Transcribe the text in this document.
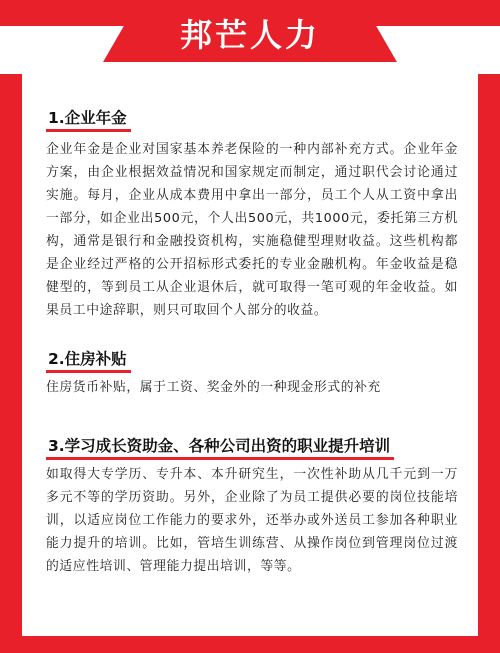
邦芒人力
1.企业年金
企业年金是企业对国家基本养老保险的一种内部补充方式。企业年金方案，由企业根据效益情况和国家规定而制定，通过职代会讨论通过实施。每月，企业从成本费用中拿出一部分，员工个人从工资中拿出一部分，如企业出500元，个人出500元，共1000元，委托第三方机构，通常是银行和金融投资机构，实施稳健型理财收益。这些机构都是企业经过严格的公开招标形式委托的专业金融机构。年金收益是稳健型的，等到员工从企业退休后，就可取得一笔可观的年金收益。如果员工中途辞职，则只可取回个人部分的收益。
2.住房补贴
住房货币补贴，属于工资、奖金外的一种现金形式的补充
3.学习成长资助金、各种公司出资的职业提升培训
如取得大专学历、专升本、本升研究生，一次性补助从几千元到一万多元不等的学历资助。另外，企业除了为员工提供必要的岗位技能培训，以适应岗位工作能力的要求外，还举办或外送员工参加各种职业能力提升的培训。比如，管培生训练营、从操作岗位到管理岗位过渡的适应性培训、管理能力提出培训，等等。
